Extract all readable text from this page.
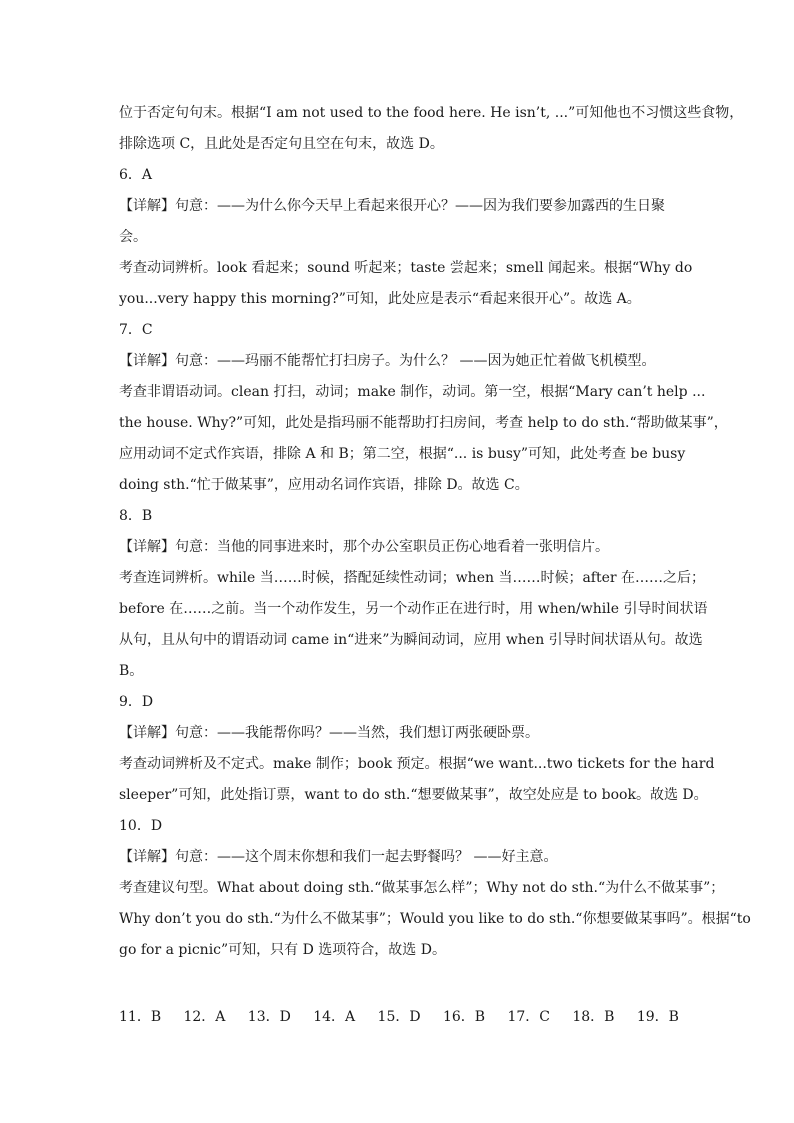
位于否定句句末。根据“I am not used to the food here. He isn’t, ...”可知他也不习惯这些食物，
排除选项 C，且此处是否定句且空在句末，故选 D。
6．A
【详解】句意：——为什么你今天早上看起来很开心？——因为我们要参加露西的生日聚
会。
考查动词辨析。look 看起来；sound 听起来；taste 尝起来；smell 闻起来。根据“Why do
you...very happy this morning?”可知，此处应是表示“看起来很开心”。故选 A。
7．C
【详解】句意：——玛丽不能帮忙打扫房子。为什么？ ——因为她正忙着做飞机模型。
考查非谓语动词。clean 打扫，动词；make 制作，动词。第一空，根据“Mary can’t help ...
the house. Why?”可知，此处是指玛丽不能帮助打扫房间，考查 help to do sth.“帮助做某事”，
应用动词不定式作宾语，排除 A 和 B；第二空，根据“... is busy”可知，此处考查 be busy
doing sth.“忙于做某事”，应用动名词作宾语，排除 D。故选 C。
8．B
【详解】句意：当他的同事进来时，那个办公室职员正伤心地看着一张明信片。
考查连词辨析。while 当……时候，搭配延续性动词；when 当……时候；after 在……之后；
before 在……之前。当一个动作发生，另一个动作正在进行时，用 when/while 引导时间状语
从句，且从句中的谓语动词 came in“进来”为瞬间动词，应用 when 引导时间状语从句。故选
B。
9．D
【详解】句意：——我能帮你吗？——当然，我们想订两张硬卧票。
考查动词辨析及不定式。make 制作；book 预定。根据“we want...two tickets for the hard
sleeper”可知，此处指订票，want to do sth.“想要做某事”，故空处应是 to book。故选 D。
10．D
【详解】句意：——这个周末你想和我们一起去野餐吗？ ——好主意。
考查建议句型。What about doing sth.“做某事怎么样”；Why not do sth.“为什么不做某事”；
Why don’t you do sth.“为什么不做某事”；Would you like to do sth.“你想要做某事吗”。根据“to
go for a picnic”可知，只有 D 选项符合，故选 D。
11．B 12．A 13．D 14．A 15．D 16．B 17．C 18．B 19．B
